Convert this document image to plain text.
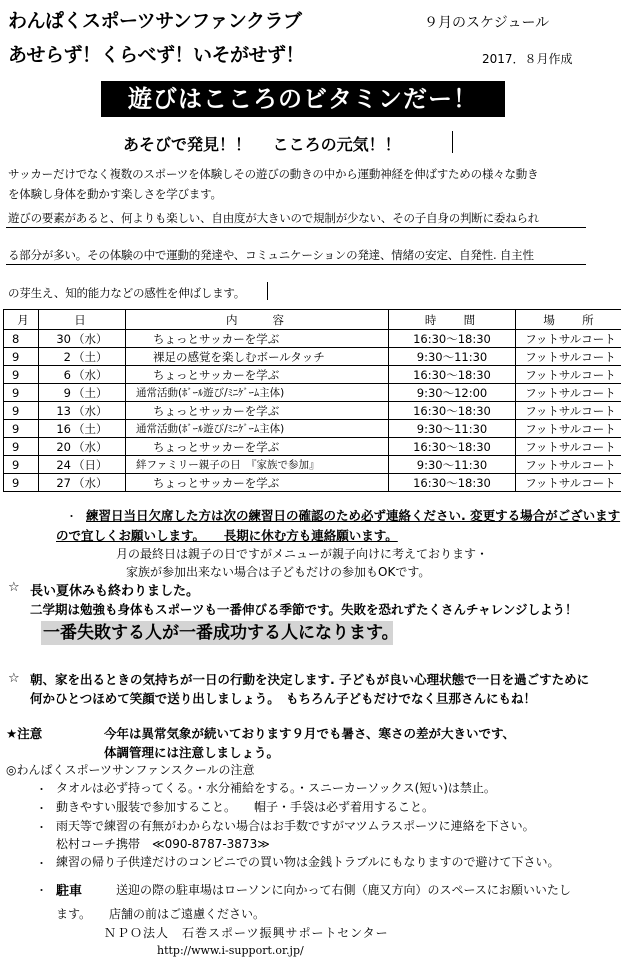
わんぱくスポーツサンファンクラブ	９月のスケジュール
あせらず！くらべず！いそがせず！	2017．８月作成
遊びはこころのビタミンだー！
あそびで発見！！　 こころの元気！！
サッカーだけでなく複数のスポーツを体験しその遊びの動きの中から運動神経を伸ばすための様々な動き
を体験し身体を動かす楽しさを学びます。
遊びの要素があると、何よりも楽しい、自由度が大きいので規制が少ない、その子自身の判断に委ねられ
る部分が多い。その体験の中で運動的発達や、コミュニケーションの発達、情緒の安定、自発性. 自主性
の芽生え、知的能力などの感性を伸ばします。
月	日	内　　容	時　 間	場　 所
8	30 （水）	ちょっとサッカーを学ぶ	16:30～18:30	フットサルコート
9	2 （土）	裸足の感覚を楽しむボールタッチ	9:30～11:30	フットサルコート
9	6 （水）	ちょっとサッカーを学ぶ	16:30～18:30	フットサルコート
9	9 （土）	通常活動(ﾎﾞｰﾙ遊び/ﾐﾆｹﾞｰﾑ主体)	9:30～12:00	フットサルコート
9	13 （水）	ちょっとサッカーを学ぶ	16:30～18:30	フットサルコート
9	16 （土）	通常活動(ﾎﾞｰﾙ遊び/ﾐﾆｹﾞｰﾑ主体)	9:30～11:30	フットサルコート
9	20 （水）	ちょっとサッカーを学ぶ	16:30～18:30	フットサルコート
9	24 （日）	絆ファミリー親子の日　『家族で参加』	9:30～11:30	フットサルコート
9	27 （水）	ちょっとサッカーを学ぶ	16:30～18:30	フットサルコート
・ 練習日当日欠席した方は次の練習日の確認のため必ず連絡ください. 変更する場合がございます
ので宜しくお願いします。　　長期に休む方も連絡願います。
月の最終日は親子の日ですがメニューが親子向けに考えております・
家族が参加出来ない場合は子どもだけの参加もOKです。
☆ 長い夏休みも終わりました。
二学期は勉強も身体もスポーツも一番伸びる季節です。失敗を恐れずたくさんチャレンジしよう！
一番失敗する人が一番成功する人になります。
☆ 朝、家を出るときの気持ちが一日の行動を決定します. 子どもが良い心理状態で一日を過ごすために
何かひとつほめて笑顔で送り出しましょう。　もちろん子どもだけでなく旦那さんにもね！
★注意	今年は異常気象が続いております９月でも暑さ、寒さの差が大きいです、
体調管理には注意しましょう。
◎わんぱくスポーツサンファンスクールの注意
・ タオルは必ず持ってくる。・水分補給をする。・スニーカーソックス(短い)は禁止。
・ 動きやすい服装で参加すること。　　帽子・手袋は必ず着用すること。
・ 雨天等で練習の有無がわからない場合はお手数ですがマツムラスポーツに連絡を下さい。
松村コーチ携帯　≪090-8787-3873≫
・ 練習の帰り子供達だけのコンビニでの買い物は金銭トラブルにもなりますので避けて下さい。
・ 駐車	送迎の際の駐車場はローソンに向かって右側（鹿又方向）のスペースにお願いいたし
ます。　　店舗の前はご遠慮ください。
ＮＰＯ法人　石巻スポーツ振興サポートセンター
http://www.i-support.or.jp/
